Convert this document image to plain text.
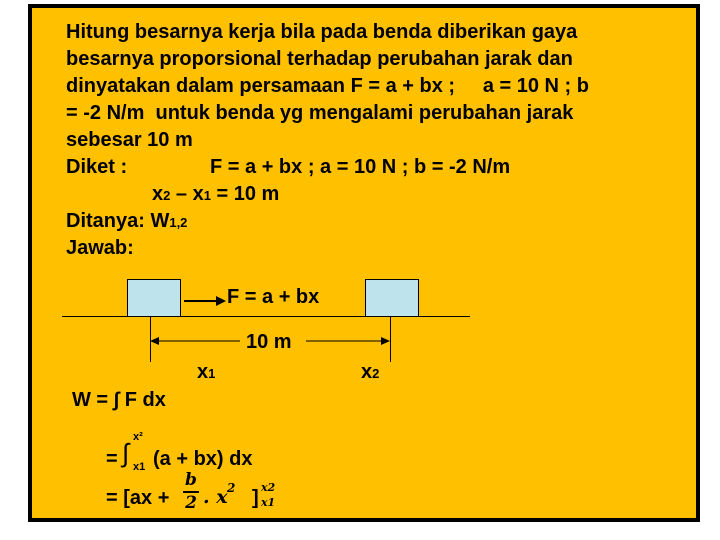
Hitung besarnya kerja bila pada benda diberikan gaya
besarnya proporsional terhadap perubahan jarak dan
dinyatakan dalam persamaan F = a + bx ;     a = 10 N ; b
= -2 N/m  untuk benda yg mengalami perubahan jarak
sebesar 10 m
Diket :	F = a + bx ; a = 10 N ; b = -2 N/m
x2 – x1 = 10 m
Ditanya: W1,2
Jawab:
F = a + bx
10 m
x1	x2
W = ∫ F dx
= ∫
x²
x1 (a + bx) dx
= [ax +
b
2 . x 2 ] x2
x1
